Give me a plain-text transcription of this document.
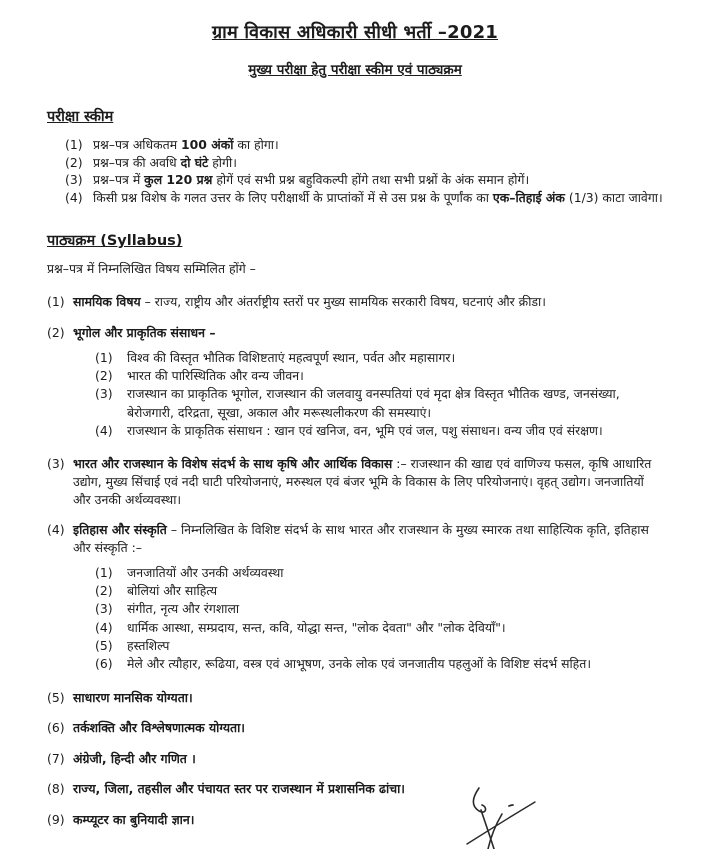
ग्राम विकास अधिकारी सीधी भर्ती –2021
मुख्य परीक्षा हेतु परीक्षा स्कीम एवं पाठ्यक्रम
परीक्षा स्कीम
(1) प्रश्न–पत्र अधिकतम 100 अंकों का होगा।
(2) प्रश्न–पत्र की अवधि दो घंटे होगी।
(3) प्रश्न–पत्र में कुल 120 प्रश्न होगें एवं सभी प्रश्न बहुविकल्पी होंगे तथा सभी प्रश्नों के अंक समान होगें।
(4) किसी प्रश्न विशेष के गलत उत्तर के लिए परीक्षार्थी के प्राप्तांकों में से उस प्रश्न के पूर्णांक का एक–तिहाई अंक (1/3) काटा जावेगा।
पाठ्यक्रम (Syllabus)

प्रश्न–पत्र में निम्नलिखित विषय सम्मिलित होंगे –

(1) सामयिक विषय – राज्य, राष्ट्रीय और अंतर्राष्ट्रीय स्तरों पर मुख्य सामयिक सरकारी विषय, घटनाएं और क्रीडा।
(2) भूगोल और प्राकृतिक संसाधन –
(1)	विश्व की विस्तृत भौतिक विशिष्टताएं महत्वपूर्ण स्थान, पर्वत और महासागर।
(2)	भारत की पारिस्थितिक और वन्य जीवन।
(3)	राजस्थान का प्राकृतिक भूगोल, राजस्थान की जलवायु वनस्पतियां एवं मृदा क्षेत्र विस्तृत भौतिक खण्ड, जनसंख्या, बेरोजगारी, दरिद्रता, सूखा, अकाल और मरूस्थलीकरण की समस्याएं।
(4)	राजस्थान के प्राकृतिक संसाधन : खान एवं खनिज, वन, भूमि एवं जल, पशु संसाधन। वन्य जीव एवं संरक्षण।
(3) भारत और राजस्थान के विशेष संदर्भ के साथ कृषि और आर्थिक विकास :– राजस्थान की खाद्य एवं वाणिज्य फसल, कृषि आधारित उद्योग, मुख्य सिंचाई एवं नदी घाटी परियोजनाएं, मरुस्थल एवं बंजर भूमि के विकास के लिए परियोजनाएं। वृहत् उद्योग। जनजातियों और उनकी अर्थव्यवस्था।
(4) इतिहास और संस्कृति – निम्नलिखित के विशिष्ट संदर्भ के साथ भारत और राजस्थान के मुख्य स्मारक तथा साहित्यिक कृति, इतिहास और संस्कृति :–
(1)	जनजातियों और उनकी अर्थव्यवस्था
(2)	बोलियां और साहित्य
(3)	संगीत, नृत्य और रंगशाला
(4)	धार्मिक आस्था, सम्प्रदाय, सन्त, कवि, योद्धा सन्त, "लोक देवता" और "लोक देवियाँ"।
(5)	हस्तशिल्प
(6)	मेले और त्यौहार, रूढिया, वस्त्र एवं आभूषण, उनके लोक एवं जनजातीय पहलुओं के विशिष्ट संदर्भ सहित।
(5) साधारण मानसिक योग्यता।
(6) तर्कशक्ति और विश्लेषणात्मक योग्यता।
(7) अंग्रेजी, हिन्दी और गणित ।
(8) राज्य, जिला, तहसील और पंचायत स्तर पर राजस्थान में प्रशासनिक ढांचा।
(9) कम्प्यूटर का बुनियादी ज्ञान।
